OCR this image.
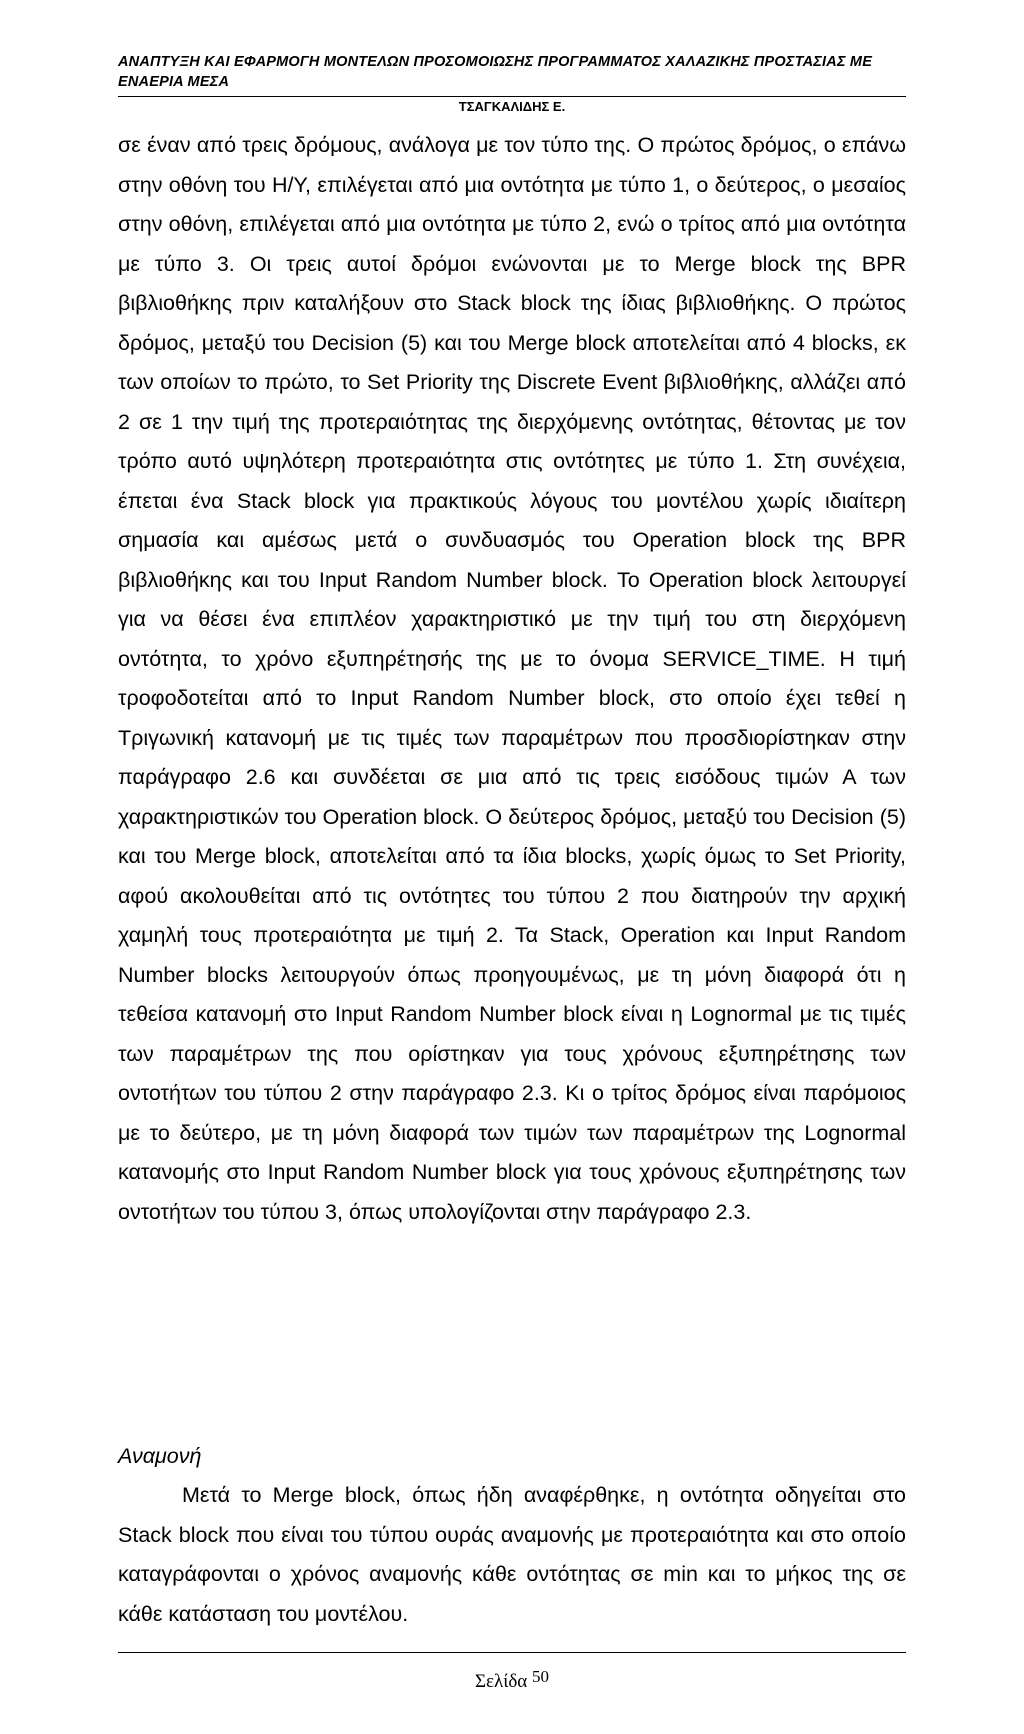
ΑΝΑΠΤΥΞΗ ΚΑΙ ΕΦΑΡΜΟΓΗ ΜΟΝΤΕΛΩΝ ΠΡΟΣΟΜΟΙΩΣΗΣ ΠΡΟΓΡΑΜΜΑΤΟΣ ΧΑΛΑΖΙΚΗΣ ΠΡΟΣΤΑΣΙΑΣ ΜΕ
ΕΝΑΕΡΙΑ ΜΕΣΑ
ΤΣΑΓΚΑΛΙΔΗΣ Ε.

σε έναν από τρεις δρόμους, ανάλογα με τον τύπο της. Ο πρώτος δρόμος, ο επάνω στην οθόνη του Η/Υ, επιλέγεται από μια οντότητα με τύπο 1, ο δεύτερος, ο μεσαίος στην οθόνη, επιλέγεται από μια οντότητα με τύπο 2, ενώ ο τρίτος από μια οντότητα με τύπο 3. Οι τρεις αυτοί δρόμοι ενώνονται με το Merge block της BPR βιβλιοθήκης πριν καταλήξουν στο Stack block της ίδιας βιβλιοθήκης. Ο πρώτος δρόμος, μεταξύ του Decision (5) και του Merge block αποτελείται από 4 blocks, εκ των οποίων το πρώτο, το Set Priority της Discrete Event βιβλιοθήκης, αλλάζει από 2 σε 1 την τιμή της προτεραιότητας της διερχόμενης οντότητας, θέτοντας με τον τρόπο αυτό υψηλότερη προτεραιότητα στις οντότητες με τύπο 1. Στη συνέχεια, έπεται ένα Stack block για πρακτικούς λόγους του μοντέλου χωρίς ιδιαίτερη σημασία και αμέσως μετά ο συνδυασμός του Operation block της BPR βιβλιοθήκης και του Input Random Number block. Το Operation block λειτουργεί για να θέσει ένα επιπλέον χαρακτηριστικό με την τιμή του στη διερχόμενη οντότητα, το χρόνο εξυπηρέτησής της με το όνομα SERVICE_TIME. Η τιμή τροφοδοτείται από το Input Random Number block, στο οποίο έχει τεθεί η Τριγωνική κατανομή με τις τιμές των παραμέτρων που προσδιορίστηκαν στην παράγραφο 2.6 και συνδέεται σε μια από τις τρεις εισόδους τιμών Α των χαρακτηριστικών του Operation block. Ο δεύτερος δρόμος, μεταξύ του Decision (5) και του Merge block, αποτελείται από τα ίδια blocks, χωρίς όμως το Set Priority, αφού ακολουθείται από τις οντότητες του τύπου 2 που διατηρούν την αρχική χαμηλή τους προτεραιότητα με τιμή 2. Τα Stack, Operation και Input Random Number blocks λειτουργούν όπως προηγουμένως, με τη μόνη διαφορά ότι η τεθείσα κατανομή στο Input Random Number block είναι η Lognormal με τις τιμές των παραμέτρων της που ορίστηκαν για τους χρόνους εξυπηρέτησης των οντοτήτων του τύπου 2 στην παράγραφο 2.3. Κι ο τρίτος δρόμος είναι παρόμοιος με το δεύτερο, με τη μόνη διαφορά των τιμών των παραμέτρων της Lognormal κατανομής στο Input Random Number block για τους χρόνους εξυπηρέτησης των οντοτήτων του τύπου 3, όπως υπολογίζονται στην παράγραφο 2.3.

Αναμονή

Μετά το Merge block, όπως ήδη αναφέρθηκε, η οντότητα οδηγείται στο Stack block που είναι του τύπου ουράς αναμονής με προτεραιότητα και στο οποίο καταγράφονται ο χρόνος αναμονής κάθε οντότητας σε min και το μήκος της σε κάθε κατάσταση του μοντέλου.

Σελίδα 50
